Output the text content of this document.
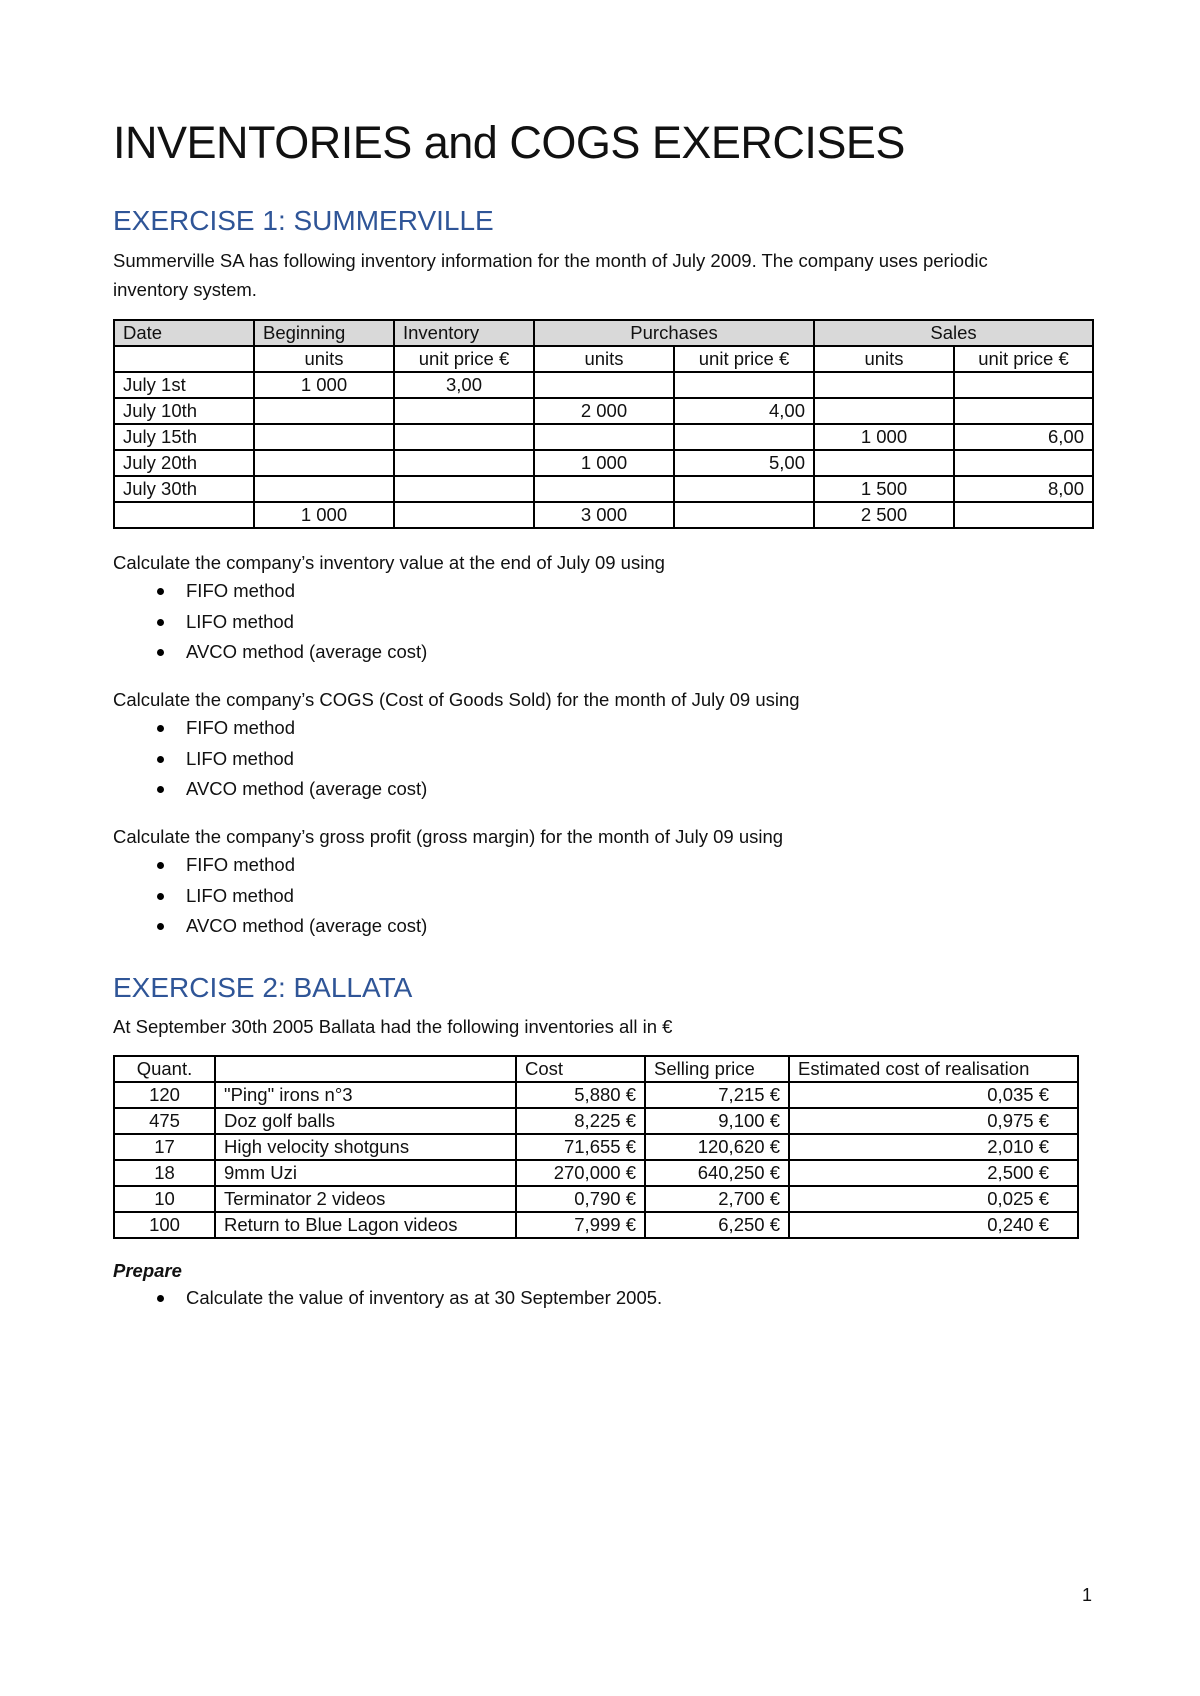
INVENTORIES and COGS EXERCISES
EXERCISE 1: SUMMERVILLE
Summerville SA has following inventory information for the month of July 2009. The company uses periodic
inventory system.
Date	Beginning	Inventory	Purchases		Sales	
	units	unit price €	units	unit price €	units	unit price €
July 1st	1 000	3,00				
July 10th			2 000	4,00		
July 15th					1 000	6,00
July 20th			1 000	5,00		
July 30th					1 500	8,00
	1 000		3 000		2 500	
Calculate the company’s inventory value at the end of July 09 using
FIFO method
LIFO method
AVCO method (average cost)
Calculate the company’s COGS (Cost of Goods Sold) for the month of July 09 using
FIFO method
LIFO method
AVCO method (average cost)
Calculate the company’s gross profit (gross margin) for the month of July 09 using
FIFO method
LIFO method
AVCO method (average cost)
EXERCISE 2: BALLATA
At September 30th 2005 Ballata had the following inventories all in €
Quant.		Cost	Selling price	Estimated cost of realisation
120	"Ping" irons n°3	5,880 €	7,215 €	0,035 €
475	Doz golf balls	8,225 €	9,100 €	0,975 €
17	High velocity shotguns	71,655 €	120,620 €	2,010 €
18	9mm Uzi	270,000 €	640,250 €	2,500 €
10	Terminator 2 videos	0,790 €	2,700 €	0,025 €
100	Return to Blue Lagon videos	7,999 €	6,250 €	0,240 €
Prepare
Calculate the value of inventory as at 30 September 2005.
1
